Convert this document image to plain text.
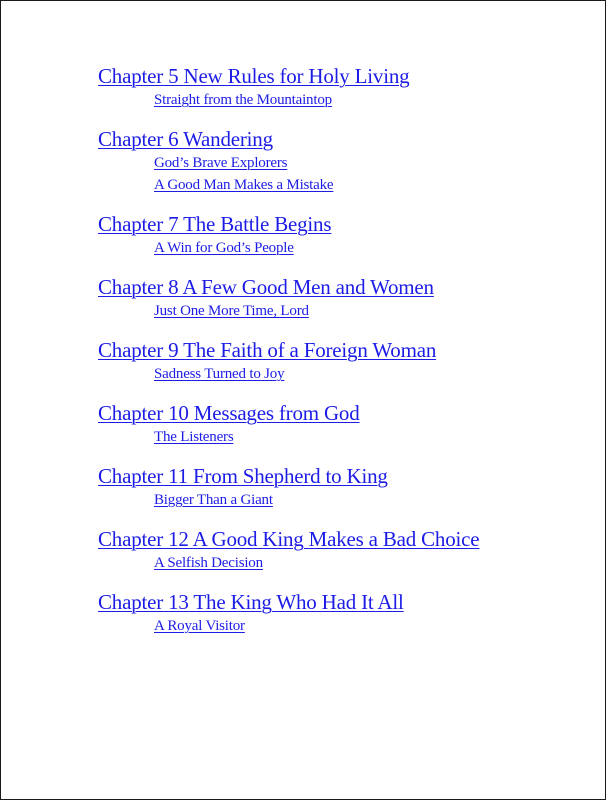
Chapter 5 New Rules for Holy Living
Straight from the Mountaintop
Chapter 6 Wandering
God’s Brave Explorers
A Good Man Makes a Mistake
Chapter 7 The Battle Begins
A Win for God’s People
Chapter 8 A Few Good Men and Women
Just One More Time, Lord
Chapter 9 The Faith of a Foreign Woman
Sadness Turned to Joy
Chapter 10 Messages from God
The Listeners
Chapter 11 From Shepherd to King
Bigger Than a Giant
Chapter 12 A Good King Makes a Bad Choice
A Selfish Decision
Chapter 13 The King Who Had It All
A Royal Visitor
